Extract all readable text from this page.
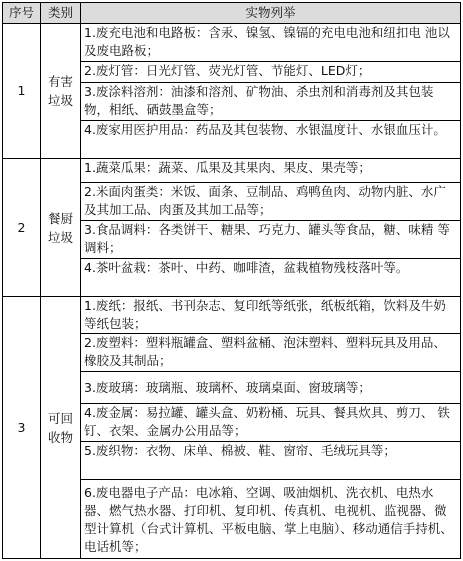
序号	类别	实物列举
1	有害垃圾	1.废充电池和电路板：含汞、镍氢、镍镉的充电电池和纽扣电 池以及废电路板；
		2.废灯管：日光灯管、荧光灯管、节能灯、LED灯；
		3.废涂料溶剂：油漆和溶剂、矿物油、杀虫剂和消毒剂及其包装 物，相纸、硒鼓墨盒等；
		4.废家用医护用品：药品及其包装物、水银温度计、水银血压计。
2	餐厨垃圾	1.蔬菜瓜果：蔬菜、瓜果及其果肉、果皮、果壳等；
		2.米面肉蛋类：米饭、面条、豆制品、鸡鸭鱼肉、动物内脏、水广及其加工品、肉蛋及其加工品等；
		3.食品调料：各类饼干、糖果、巧克力、罐头等食品，糖、味精 等调料；
		4.茶叶盆栽：茶叶、中药、咖啡渣，盆栽植物残枝落叶等。
3	可回收物	1.废纸：报纸、书刊杂志、复印纸等纸张，纸板纸箱，饮料及牛奶等纸包装；
		2.废塑料：塑料瓶罐盒、塑料盆桶、泡沫塑料、塑料玩具及用品、橡胶及其制品；
		3.废玻璃：玻璃瓶、玻璃杯、玻璃桌面、窗玻璃等；
		4.废金属：易拉罐、罐头盒、奶粉桶、玩具、餐具炊具、剪刀、 铁钉、衣架、金属办公用品等；
		5.废织物：衣物、床单、棉被、鞋、窗帘、毛绒玩具等；
		6.废电器电子产品：电冰箱、空调、吸油烟机、洗衣机、电热水器、燃气热水器、打印机、复印机、传真机、电视机、监视器、微型计算机（台式计算机、平板电脑、掌上电脑）、移动通信手持机、电话机等；
